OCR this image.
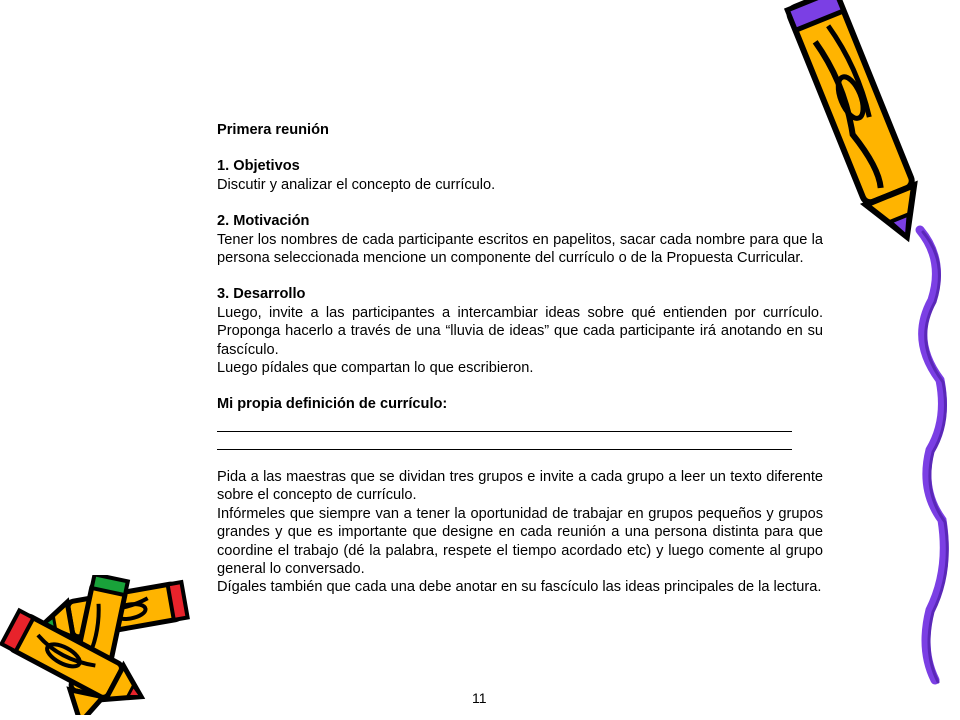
Primera reunión

1. Objetivos

Discutir y analizar el concepto de currículo.

2. Motivación

Tener los nombres de cada participante escritos en papelitos, sacar cada nombre para que la persona seleccionada mencione un componente del currículo o de la Propuesta Curricular.

3. Desarrollo

Luego, invite a las participantes a intercambiar ideas sobre qué entienden por currículo. Proponga hacerlo a través de una “lluvia de ideas” que cada participante irá anotando en su fascículo.

Luego pídales que compartan lo que escribieron.

Mi propia definición de currículo:

Pida a las maestras que se dividan tres grupos e invite a cada grupo a leer un texto diferente sobre el concepto de currículo.

Infórmeles que siempre van a tener la oportunidad de trabajar en grupos pequeños y grupos grandes y que es importante que designe en cada reunión a una persona distinta para que coordine el trabajo (dé la palabra, respete el tiempo acordado etc) y luego comente al grupo general lo conversado.

Dígales también que cada una debe anotar en su fascículo las ideas principales de la lectura.

11
